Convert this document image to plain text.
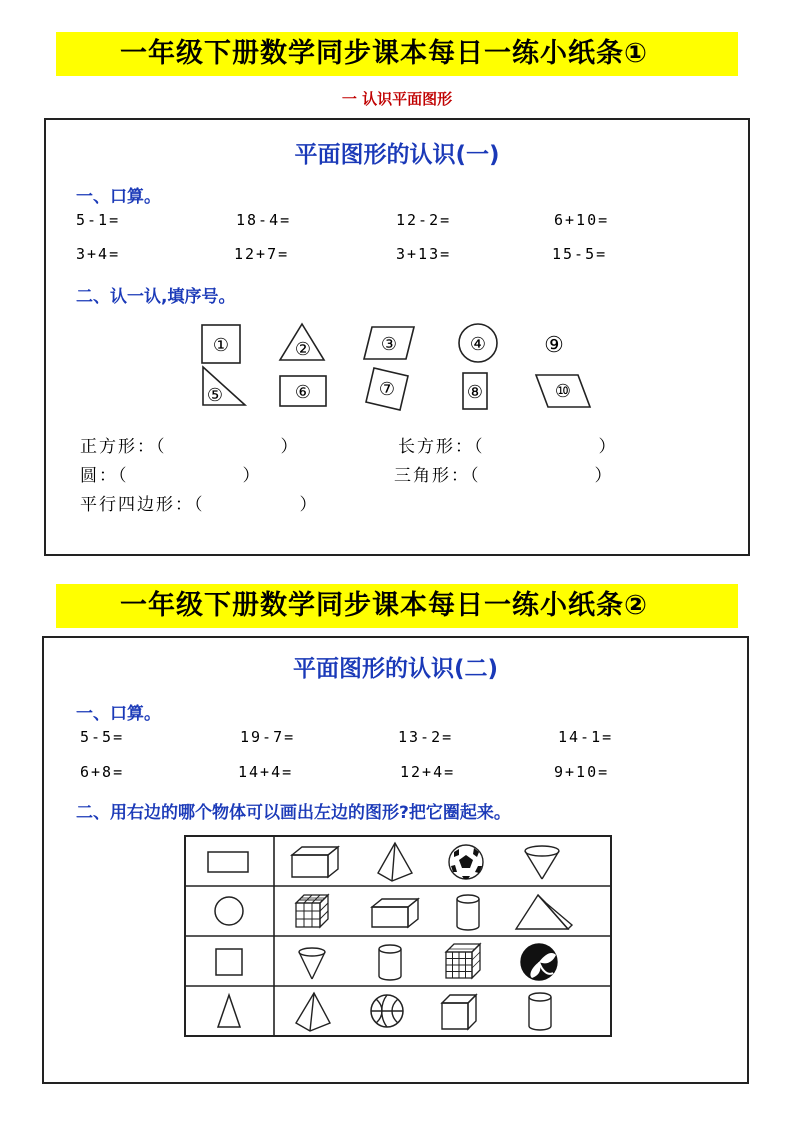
一年级下册数学同步课本每日一练小纸条①
一 认识平面图形
平面图形的认识(一)
一、口算。
5-1=	18-4=	12-2=	6+10=
3+4=	12+7=	3+13=	15-5=
二、认一认,填序号。
①	②	③	④	⑨
⑤	⑥	⑦	⑧	⑩
正方形：（　　　　　　）	长方形：（　　　　　　）
圆：（　　　　　　）	三角形：（　　　　　　）
平行四边形：（　　　　　）
一年级下册数学同步课本每日一练小纸条②
平面图形的认识(二)
一、口算。
5-5=	19-7=	13-2=	14-1=
6+8=	14+4=	12+4=	9+10=
二、用右边的哪个物体可以画出左边的图形?把它圈起来。
